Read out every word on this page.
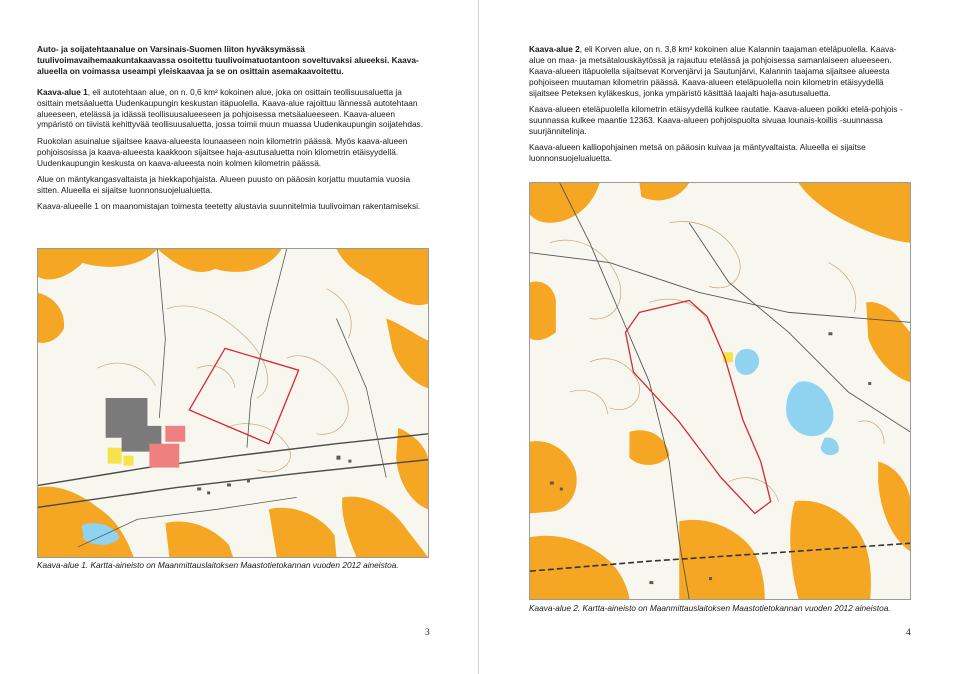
Auto- ja soijatehtaanalue on Varsinais-Suomen liiton hyväksymässä tuulivoimavaihemaakuntakaavassa osoitettu tuulivoimatuotantoon soveltuvaksi alueeksi. Kaava-alueella on voimassa useampi yleiskaavaa ja se on osittain asemakaavoitettu.

Kaava-alue 1, eli autotehtaan alue, on n. 0,6 km² kokoinen alue, joka on osittain teollisuusaluetta ja osittain metsäaluetta Uudenkaupungin keskustan itäpuolella. Kaava-alue rajoittuu lännessä autotehtaan alueeseen, etelässä ja idässä teollisuusalueeseen ja pohjoisessa metsäalueeseen. Kaava-alueen ympäristö on tiivistä kehittyvää teollisuusaluetta, jossa toimii muun muassa Uudenkaupungin soijatehdas.

Ruokolan asuinalue sijaitsee kaava-alueesta lounaaseen noin kilometrin päässä. Myös kaava-alueen pohjoisosissa ja kaava-alueesta kaakkoon sijaitsee haja-asutusaluetta noin kilometrin etäisyydellä. Uudenkaupungin keskusta on kaava-alueesta noin kolmen kilometrin päässä.

Alue on mäntykangasvaltaista ja hiekkapohjaista. Alueen puusto on pääosin korjattu muutamia vuosia sitten. Alueella ei sijaitse luonnonsuojelualuetta.

Kaava-alueelle 1 on maanomistajan toimesta teetetty alustavia suunnitelmia tuulivoiman rakentamiseksi.

Kaava-alue 1. Kartta-aineisto on Maanmittauslaitoksen Maastotietokannan vuoden 2012 aineistoa.
3

Kaava-alue 2, eli Korven alue, on n. 3,8 km² kokoinen alue Kalannin taajaman eteläpuolella. Kaava-alue on maa- ja metsätalouskäytössä ja rajautuu etelässä ja pohjoisessa samanlaiseen alueeseen. Kaava-alueen itäpuolella sijaitsevat Korvenjärvi ja Sautunjärvi, Kalannin taajama sijaitsee alueesta pohjoiseen muutaman kilometrin päässä. Kaava-alueen eteläpuolella noin kilometrin etäisyydellä sijaitsee Peteksen kyläkeskus, jonka ympäristö käsittää laajalti haja-asutusaluetta.

Kaava-alueen eteläpuolella kilometrin etäisyydellä kulkee rautatie. Kaava-alueen poikki etelä-pohjois -suunnassa kulkee maantie 12363. Kaava-alueen pohjoispuolta sivuaa lounais-koillis -suunnassa suurjännitelinja.

Kaava-alueen kalliopohjainen metsä on pääosin kuivaa ja mäntyvaltaista. Alueella ei sijaitse luonnonsuojelualuetta.

Kaava-alue 2. Kartta-aineisto on Maanmittauslaitoksen Maastotietokannan vuoden 2012 aineistoa.
4
